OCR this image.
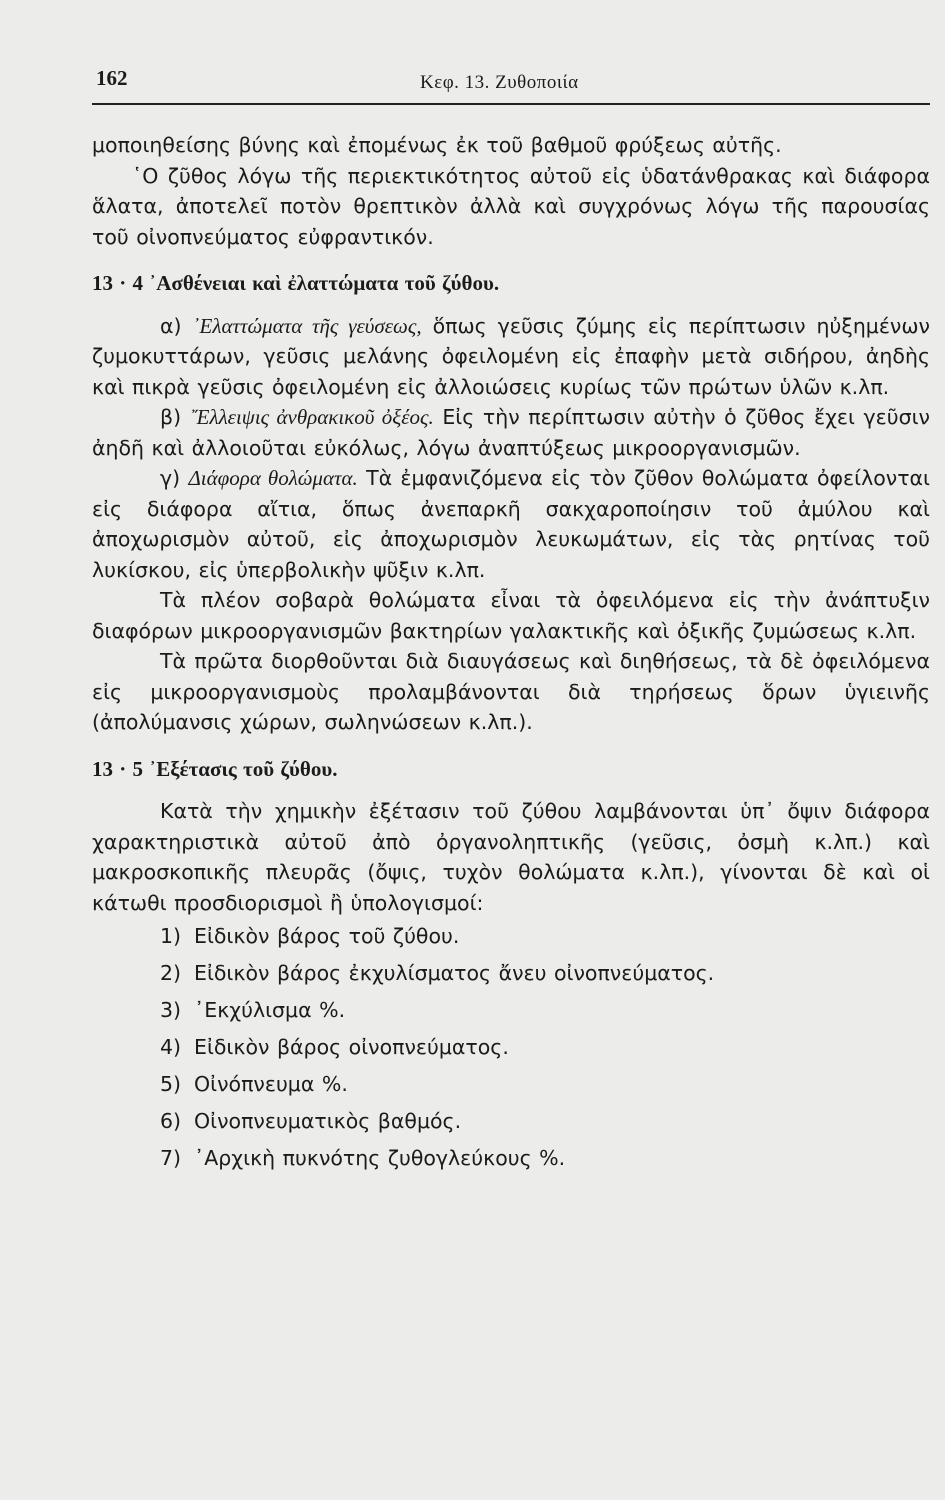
162	Κεφ. 13. Ζυθοποιία

μοποιηθείσης βύνης καὶ ἐπομένως ἐκ τοῦ βαθμοῦ φρύξεως αὐτῆς.

῾Ο ζῦθος λόγω τῆς περιεκτικότητος αὐτοῦ εἰς ὑδατάνθρακας καὶ διάφορα ἅλατα, ἀποτελεῖ ποτὸν θρεπτικὸν ἀλλὰ καὶ συγχρόνως λόγω τῆς παρουσίας τοῦ οἰνοπνεύματος εὐφραντικόν.

13 · 4 ᾿Ασθένειαι καὶ ἐλαττώματα τοῦ ζύθου.

α) ᾿Ελαττώματα τῆς γεύσεως, ὅπως γεῦσις ζύμης εἰς περίπτωσιν ηὐξημένων ζυμοκυττάρων, γεῦσις μελάνης ὀφειλομένη εἰς ἐπαφὴν μετὰ σιδήρου, ἀηδὴς καὶ πικρὰ γεῦσις ὀφειλομένη εἰς ἀλλοιώσεις κυρίως τῶν πρώτων ὑλῶν κ.λπ.

β) ῎Ελλειψις ἀνθρακικοῦ ὀξέος. Εἰς τὴν περίπτωσιν αὐτὴν ὁ ζῦθος ἔχει γεῦσιν ἀηδῆ καὶ ἀλλοιοῦται εὐκόλως, λόγω ἀναπτύξεως μικροοργανισμῶν.

γ) Διάφορα θολώματα. Τὰ ἐμφανιζόμενα εἰς τὸν ζῦθον θολώματα ὀφείλονται εἰς διάφορα αἴτια, ὅπως ἀνεπαρκῆ σακχαροποίησιν τοῦ ἀμύλου καὶ ἀποχωρισμὸν αὐτοῦ, εἰς ἀποχωρισμὸν λευκωμάτων, εἰς τὰς ρητίνας τοῦ λυκίσκου, εἰς ὑπερβολικὴν ψῦξιν κ.λπ.

Τὰ πλέον σοβαρὰ θολώματα εἶναι τὰ ὀφειλόμενα εἰς τὴν ἀνάπτυξιν διαφόρων μικροοργανισμῶν βακτηρίων γαλακτικῆς καὶ ὀξικῆς ζυμώσεως κ.λπ.

Τὰ πρῶτα διορθοῦνται διὰ διαυγάσεως καὶ διηθήσεως, τὰ δὲ ὀφειλόμενα εἰς μικροοργανισμοὺς προλαμβάνονται διὰ τηρήσεως ὅρων ὑγιεινῆς (ἀπολύμανσις χώρων, σωληνώσεων κ.λπ.).

13 · 5 ᾿Εξέτασις τοῦ ζύθου.

Κατὰ τὴν χημικὴν ἐξέτασιν τοῦ ζύθου λαμβάνονται ὑπ᾿ ὄψιν διάφορα χαρακτηριστικὰ αὐτοῦ ἀπὸ ὀργανοληπτικῆς (γεῦσις, ὀσμὴ κ.λπ.) καὶ μακροσκοπικῆς πλευρᾶς (ὄψις, τυχὸν θολώματα κ.λπ.), γίνονται δὲ καὶ οἱ κάτωθι προσδιορισμοὶ ἢ ὑπολογισμοί:

1) Εἰδικὸν βάρος τοῦ ζύθου.
2) Εἰδικὸν βάρος ἐκχυλίσματος ἄνευ οἰνοπνεύματος.
3) ᾿Εκχύλισμα %.
4) Εἰδικὸν βάρος οἰνοπνεύματος.
5) Οἰνόπνευμα %.
6) Οἰνοπνευματικὸς βαθμός.
7) ᾿Αρχικὴ πυκνότης ζυθογλεύκους %.
